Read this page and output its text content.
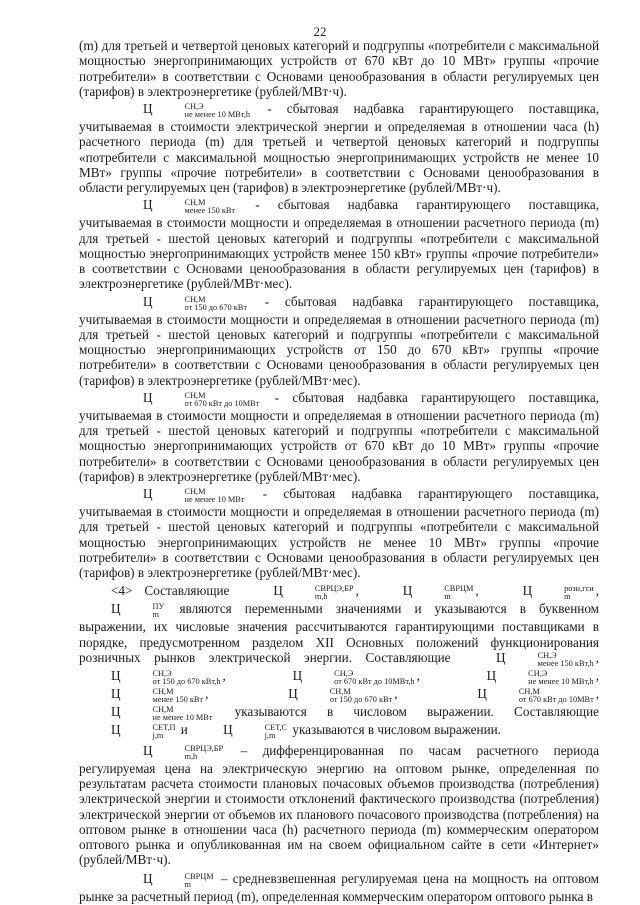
22

(m) для третьей и четвертой ценовых категорий и подгруппы «потребители с максимальной мощностью энергопринимающих устройств от 670 кВт до 10 МВт» группы «прочие потребители» в соответствии с Основами ценообразования в области регулируемых цен (тарифов) в электроэнергетике (рублей/МВт·ч).

Ц	СН,Э
не менее 10 МВт,h - сбытовая надбавка гарантирующего поставщика, учитываемая в стоимости электрической энергии и определяемая в отношении часа (h) расчетного периода (m) для третьей и четвертой ценовых категорий и подгруппы «потребители с максимальной мощностью энергопринимающих устройств не менее 10 МВт» группы «прочие потребители» в соответствии с Основами ценообразования в области регулируемых цен (тарифов) в электроэнергетике (рублей/МВт·ч).

Ц	СН,М
менее 150 кВт - сбытовая надбавка гарантирующего поставщика, учитываемая в стоимости мощности и определяемая в отношении расчетного периода (m) для третьей - шестой ценовых категорий и подгруппы «потребители с максимальной мощностью энергопринимающих устройств менее 150 кВт» группы «прочие потребители» в соответствии с Основами ценообразования в области регулируемых цен (тарифов) в электроэнергетике (рублей/МВт·мес).

Ц	СН,М
от 150 до 670 кВт - сбытовая надбавка гарантирующего поставщика, учитываемая в стоимости мощности и определяемая в отношении расчетного периода (m) для третьей - шестой ценовых категорий и подгруппы «потребители с максимальной мощностью энергопринимающих устройств от 150 до 670 кВт» группы «прочие потребители» в соответствии с Основами ценообразования в области регулируемых цен (тарифов) в электроэнергетике (рублей/МВт·мес).

Ц	СН,М
от 670 кВт до 10МВт - сбытовая надбавка гарантирующего поставщика, учитываемая в стоимости мощности и определяемая в отношении расчетного периода (m) для третьей - шестой ценовых категорий и подгруппы «потребители с максимальной мощностью энергопринимающих устройств от 670 кВт до 10 МВт» группы «прочие потребители» в соответствии с Основами ценообразования в области регулируемых цен (тарифов) в электроэнергетике (рублей/МВт·мес).

Ц	СН,М
не менее 10 МВт - сбытовая надбавка гарантирующего поставщика, учитываемая в стоимости мощности и определяемая в отношении расчетного периода (m) для третьей - шестой ценовых категорий и подгруппы «потребители с максимальной мощностью энергопринимающих устройств не менее 10 МВт» группы «прочие потребители» в соответствии с Основами ценообразования в области регулируемых цен (тарифов) в электроэнергетике (рублей/МВт·мес).

<4> Составляющие	Ц	СВРЦЭ,БР
m,h	, Ц	СВРЦМ
m	, Ц	розн,гси
m	, Ц	ПУ
m	являются переменными значениями и указываются в буквенном выражении, их числовые значения рассчитываются гарантирующими поставщиками в порядке, предусмотренном разделом XII Основных положений функционирования розничных рынков электрической энергии. Составляющие	Ц	СН,Э
менее 150 кВт,h , Ц	СН,Э
от 150 до 670 кВт,h , Ц	СН,Э
от 670 кВт до 10МВт,h , Ц	СН,Э
не менее 10 МВт,h , Ц	СН,М
менее 150 кВт , Ц	СН,М
от 150 до 670 кВт , Ц	СН,М
от 670 кВт до 10МВт , Ц	СН,М
не менее 10 МВт указываются в числовом выражении. Составляющие Ц	СЕТ,П
j,m	и	Ц	СЕТ,С
j,m	указываются в числовом выражении.

Ц	СВРЦЭ,БР
m,h	– дифференцированная по часам расчетного периода регулируемая цена на электрическую энергию на оптовом рынке, определенная по результатам расчета стоимости плановых почасовых объемов производства (потребления) электрической энергии и стоимости отклонений фактического производства (потребления) электрической энергии от объемов их планового почасового производства (потребления) на оптовом рынке в отношении часа (h) расчетного периода (m) коммерческим оператором оптового рынка и опубликованная им на своем официальном сайте в сети «Интернет» (рублей/МВт·ч).

Ц	СВРЦМ
m	– средневзвешенная регулируемая цена на мощность на оптовом рынке за расчетный период (m), определенная коммерческим оператором оптового рынка в
